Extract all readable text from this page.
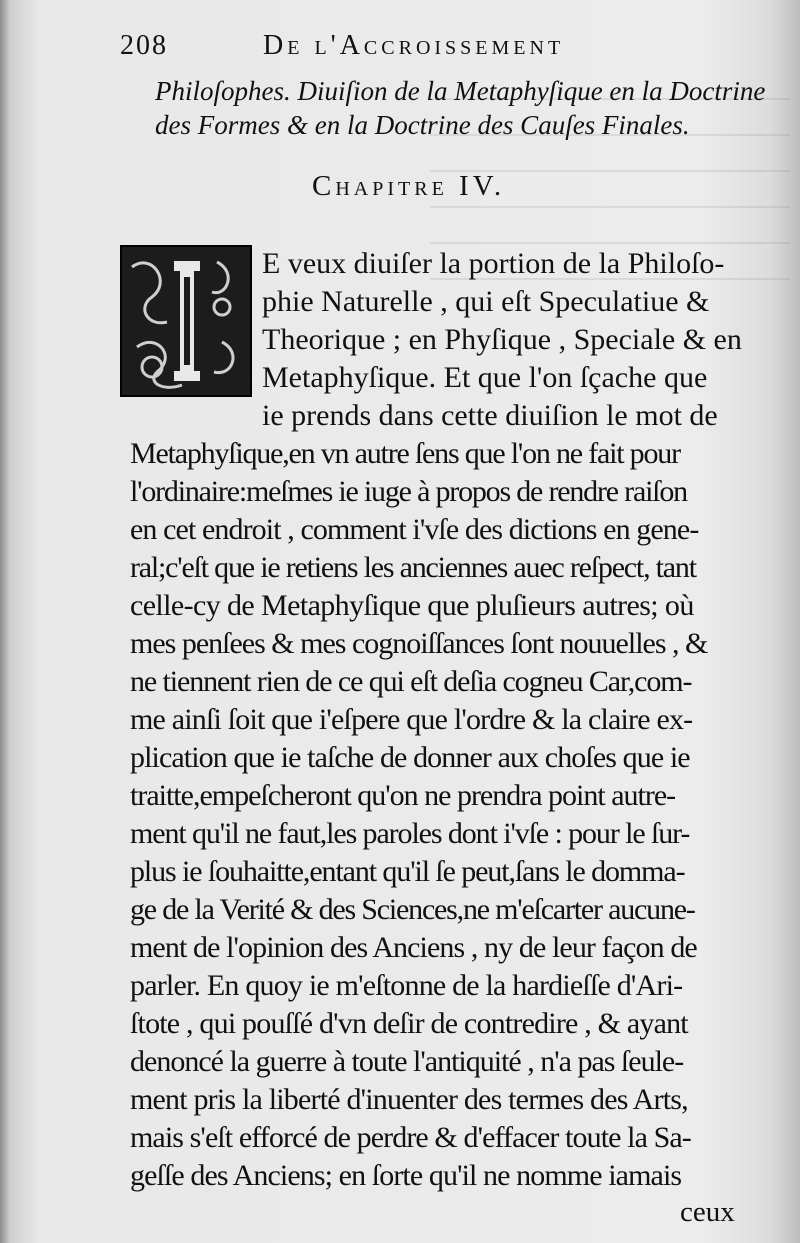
208	De l'Accroissement
Philoſophes. Diuiſion de la Metaphyſique en la Doctrine
des Formes & en la Doctrine des Cauſes Finales.
Chapitre IV.
E veux diuiſer la portion de la Philoſo-
phie Naturelle , qui eſt Speculatiue &
Theorique ; en Phyſique , Speciale & en
Metaphyſique. Et que l'on ſçache que
ie prends dans cette diuiſion le mot de
Metaphyſique,en vn autre ſens que l'on ne fait pour
l'ordinaire:meſmes ie iuge à propos de rendre raiſon
en cet endroit , comment i'vſe des dictions en gene-
ral;c'eſt que ie retiens les anciennes auec reſpect, tant
celle-cy de Metaphyſique que pluſieurs autres; où
mes penſees & mes cognoiſſances ſont nouuelles , &
ne tiennent rien de ce qui eſt deſia cogneu Car,com-
me ainſi ſoit que i'eſpere que l'ordre & la claire ex-
plication que ie taſche de donner aux choſes que ie
traitte,empeſcheront qu'on ne prendra point autre-
ment qu'il ne faut,les paroles dont i'vſe : pour le ſur-
plus ie ſouhaitte,entant qu'il ſe peut,ſans le domma-
ge de la Verité & des Sciences,ne m'eſcarter aucune-
ment de l'opinion des Anciens , ny de leur façon de
parler. En quoy ie m'eſtonne de la hardieſſe d'Ari-
ſtote , qui pouſſé d'vn deſir de contredire , & ayant
denoncé la guerre à toute l'antiquité , n'a pas ſeule-
ment pris la liberté d'inuenter des termes des Arts,
mais s'eſt efforcé de perdre & d'effacer toute la Sa-
geſſe des Anciens; en ſorte qu'il ne nomme iamais
ceux
